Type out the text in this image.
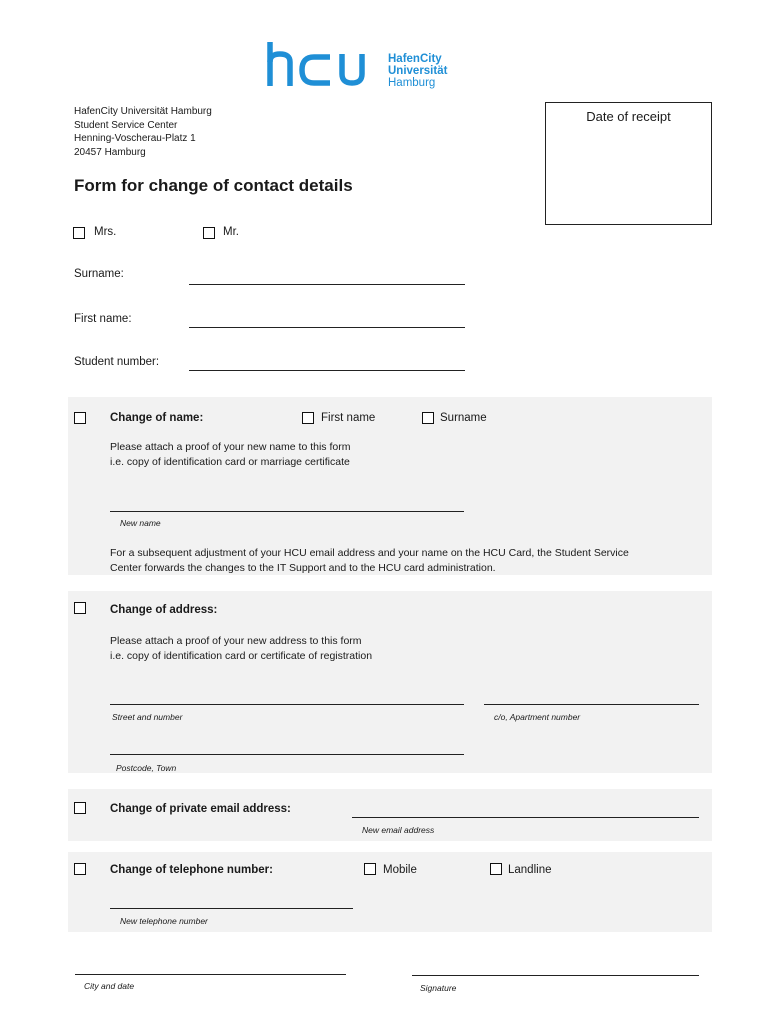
HafenCity
Universität
Hamburg
HafenCity Universität Hamburg
Student Service Center
Henning-Voscherau-Platz 1
20457 Hamburg
Date of receipt
Form for change of contact details
Mrs.	Mr.
Surname:
First name:
Student number:
Change of name:	First name	Surname
Please attach a proof of your new name to this form
i.e. copy of identification card or marriage certificate
New name
For a subsequent adjustment of your HCU email address and your name on the HCU Card, the Student Service
Center forwards the changes to the IT Support and to the HCU card administration.
Change of address:
Please attach a proof of your new address to this form
i.e. copy of identification card or certificate of registration
Street and number	c/o, Apartment number
Postcode, Town
Change of private email address:
New email address
Change of telephone number:	Mobile	Landline
New telephone number
City and date	Signature
